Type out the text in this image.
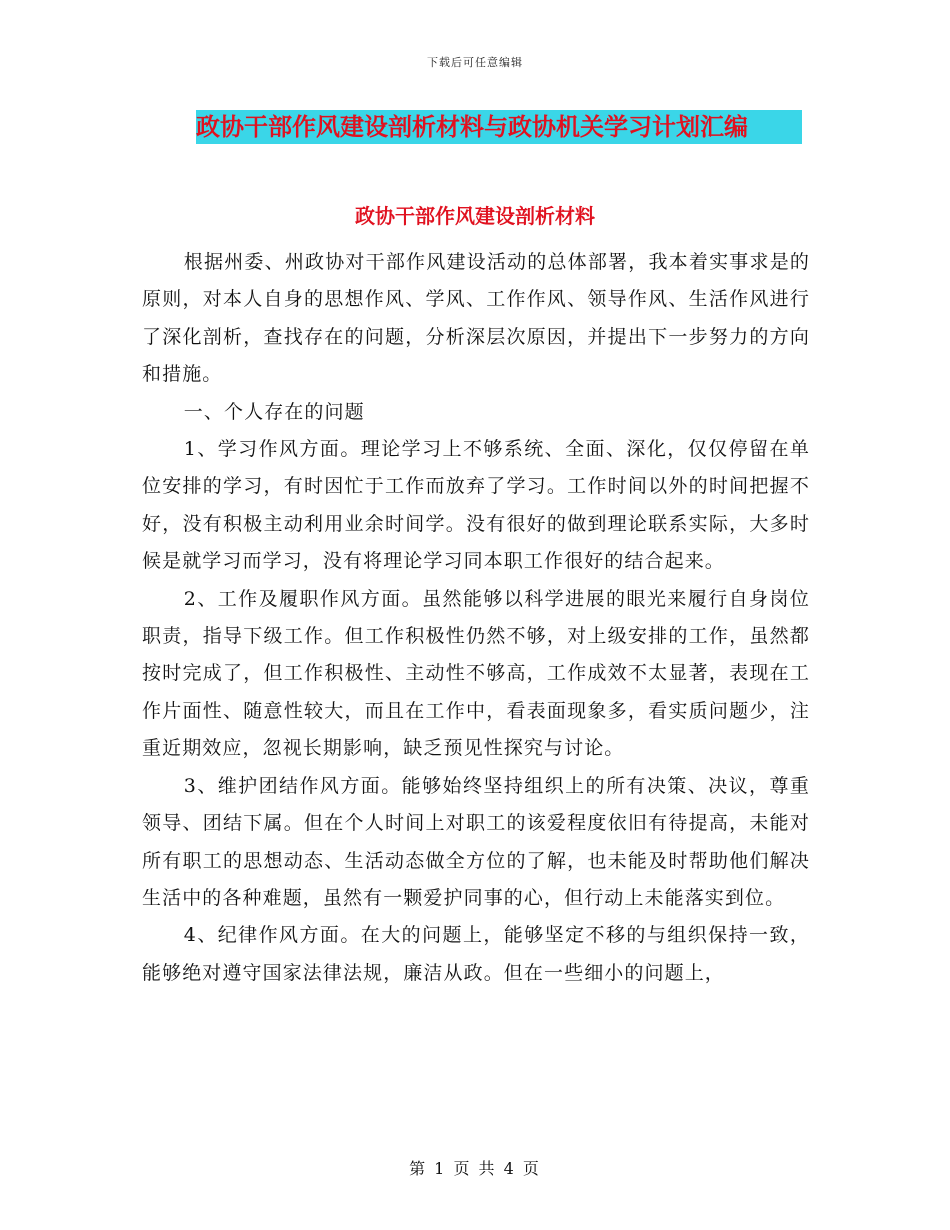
下载后可任意编辑
政协干部作风建设剖析材料与政协机关学习计划汇编
政协干部作风建设剖析材料

根据州委、州政协对干部作风建设活动的总体部署，我本着实事求是的原则，对本人自身的思想作风、学风、工作作风、领导作风、生活作风进行了深化剖析，查找存在的问题，分析深层次原因，并提出下一步努力的方向和措施。

一、个人存在的问题

1、学习作风方面。理论学习上不够系统、全面、深化，仅仅停留在单位安排的学习，有时因忙于工作而放弃了学习。工作时间以外的时间把握不好，没有积极主动利用业余时间学。没有很好的做到理论联系实际，大多时候是就学习而学习，没有将理论学习同本职工作很好的结合起来。

2、工作及履职作风方面。虽然能够以科学进展的眼光来履行自身岗位职责，指导下级工作。但工作积极性仍然不够，对上级安排的工作，虽然都按时完成了，但工作积极性、主动性不够高，工作成效不太显著，表现在工作片面性、随意性较大，而且在工作中，看表面现象多，看实质问题少，注重近期效应，忽视长期影响，缺乏预见性探究与讨论。

3、维护团结作风方面。能够始终坚持组织上的所有决策、决议，尊重领导、团结下属。但在个人时间上对职工的该爱程度依旧有待提高，未能对所有职工的思想动态、生活动态做全方位的了解，也未能及时帮助他们解决生活中的各种难题，虽然有一颗爱护同事的心，但行动上未能落实到位。

4、纪律作风方面。在大的问题上，能够坚定不移的与组织保持一致，能够绝对遵守国家法律法规，廉洁从政。但在一些细小的问题上，

第 1 页 共 4 页
